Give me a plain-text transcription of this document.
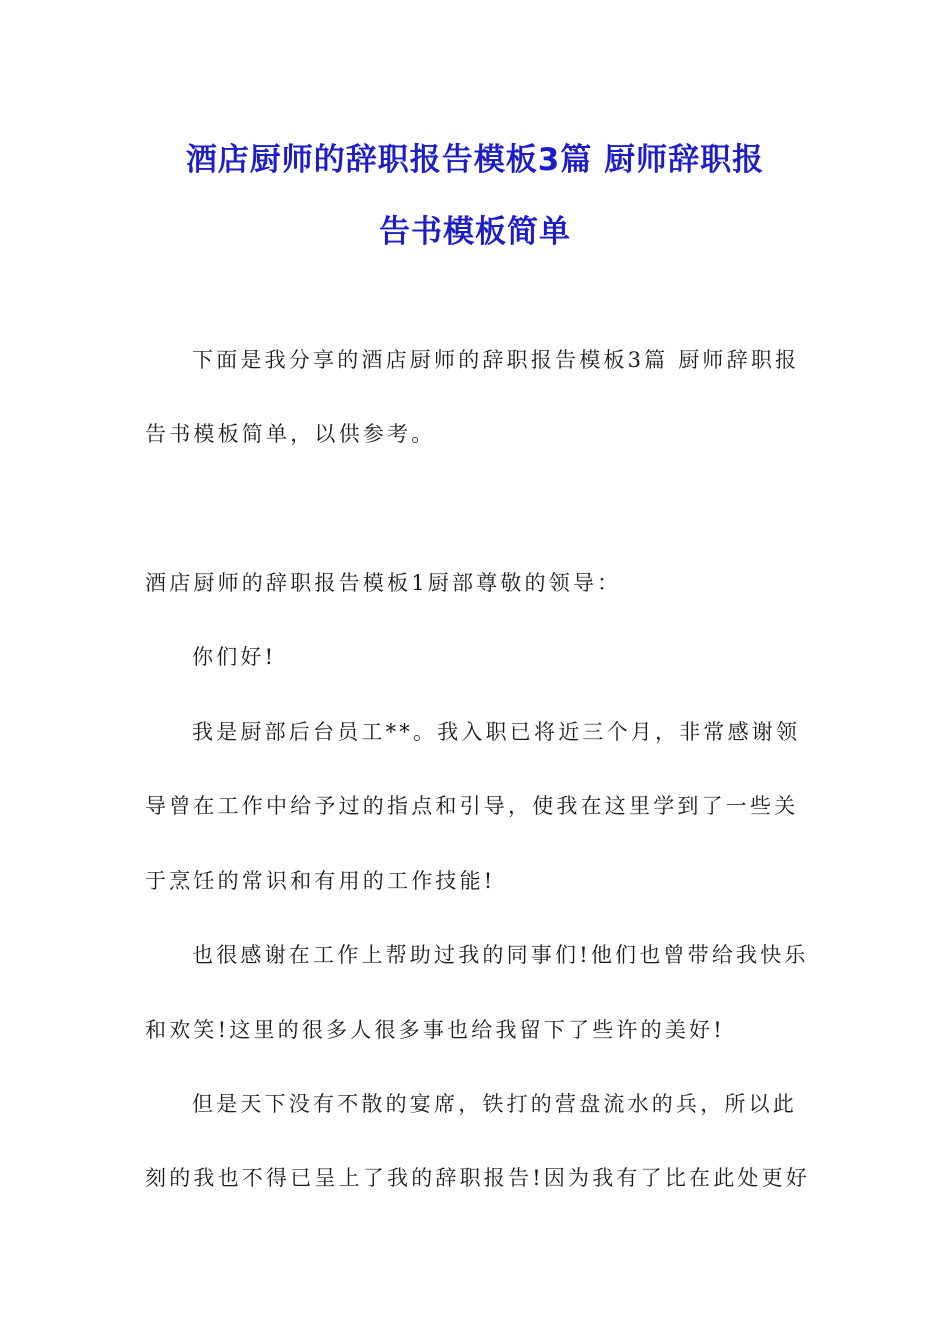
酒店厨师的辞职报告模板3篇 厨师辞职报
告书模板简单

下面是我分享的酒店厨师的辞职报告模板3篇 厨师辞职报

告书模板简单，以供参考。

酒店厨师的辞职报告模板1厨部尊敬的领导：

你们好!

我是厨部后台员工**。我入职已将近三个月，非常感谢领

导曾在工作中给予过的指点和引导，使我在这里学到了一些关

于烹饪的常识和有用的工作技能!

也很感谢在工作上帮助过我的同事们!他们也曾带给我快乐

和欢笑!这里的很多人很多事也给我留下了些许的美好!

但是天下没有不散的宴席，铁打的营盘流水的兵，所以此

刻的我也不得已呈上了我的辞职报告!因为我有了比在此处更好
